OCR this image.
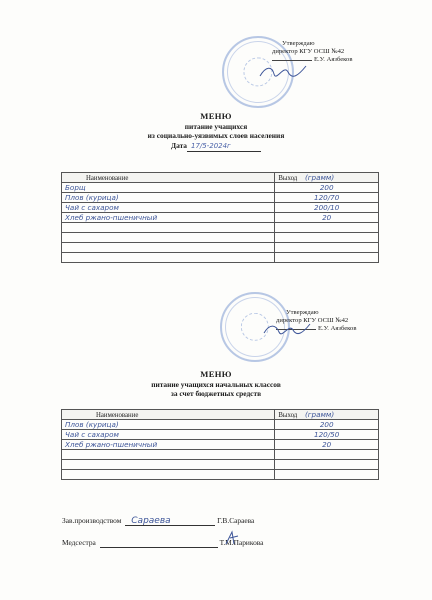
Утверждаю
директор КГУ ОСШ №42
Е.У. Аязбеков
МЕНЮ
питание учащихся
из социально-уязвимых слоев населения
Дата 17/5-2024г
Наименование	Выход (грамм)
Борщ	200
Плов (курица)	120/70
Чай с сахаром	200/10
Хлеб ржано-пшеничный	20

Утверждаю
директор КГУ ОСШ №42
Е.У. Аязбеков
МЕНЮ
питание учащихся начальных классов
за счет бюджетных средств
Наименование	Выход (грамм)
Плов (курица)	200
Чай с сахаром	120/50
Хлеб ржано-пшеничный	20

Зав.производством Сараева	Г.В.Сараева
Медсестра	Т.М.Парикова
